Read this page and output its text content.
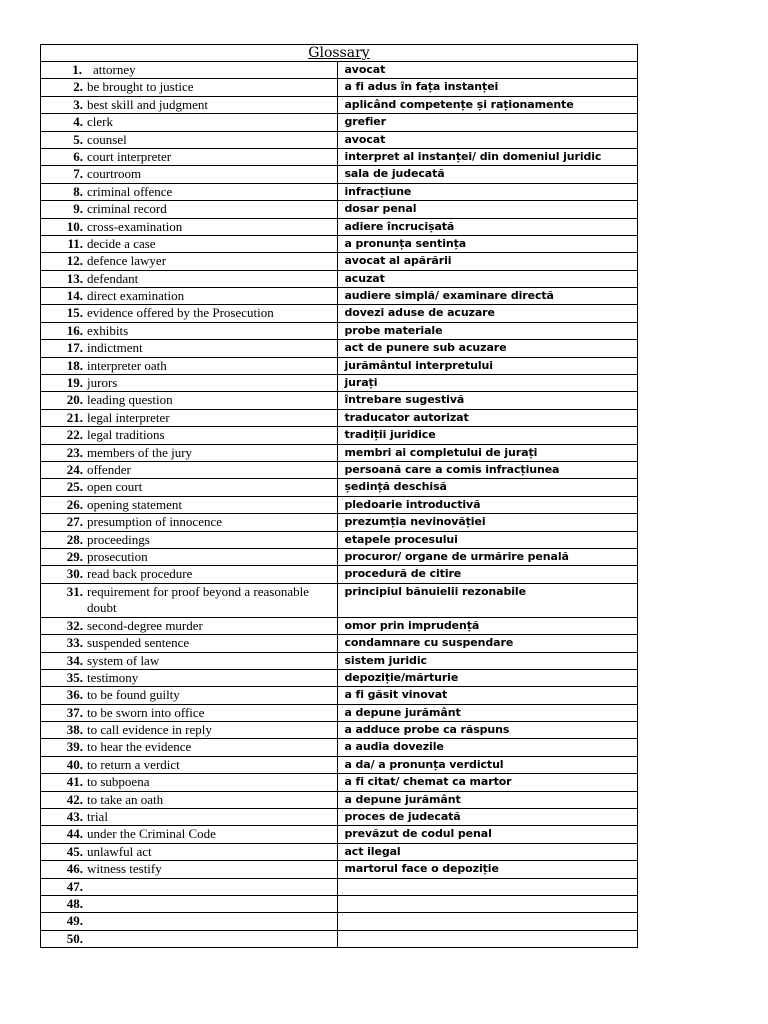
Glossary	

1. attorney	avocat

2. be brought to justice	a fi adus în fața instanței

3. best skill and judgment	aplicând competențe și raționamente

4. clerk	grefier

5. counsel	avocat

6. court interpreter	interpret al instanței/ din domeniul juridic

7. courtroom	sala de judecată

8. criminal offence	infracțiune

9. criminal record	dosar penal

10. cross-examination	adiere încrucișată

11. decide a case	a pronunța sentința

12. defence lawyer	avocat al apărării

13. defendant	acuzat

14. direct examination	audiere simplă/ examinare directă

15. evidence offered by the Prosecution	dovezi aduse de acuzare

16. exhibits	probe materiale

17. indictment	act de punere sub acuzare

18. interpreter oath	jurământul interpretului

19. jurors	jurați

20. leading question	întrebare sugestivă

21. legal interpreter	traducator autorizat

22. legal traditions	tradiții juridice

23. members of the jury	membri ai completului de jurați

24. offender	persoană care a comis infracțiunea

25. open court	ședință deschisă

26. opening statement	pledoarie introductivă

27. presumption of innocence	prezumția nevinovăției

28. proceedings	etapele procesului

29. prosecution	procuror/ organe de urmărire penală

30. read back procedure	procedură de citire

31. requirement for proof beyond a reasonable doubt	principiul bănuielii rezonabile

32. second-degree murder	omor prin imprudență

33. suspended sentence	condamnare cu suspendare

34. system of law	sistem juridic

35. testimony	depoziție/mărturie

36. to be found guilty	a fi găsit vinovat

37. to be sworn into office	a depune jurământ

38. to call evidence in reply	a adduce probe ca răspuns

39. to hear the evidence	a audia dovezile

40. to return a verdict	a da/ a pronunța verdictul

41. to subpoena	a fi citat/ chemat ca martor

42. to take an oath	a depune jurământ

43. trial	proces de judecată

44. under the Criminal Code	prevăzut de codul penal

45. unlawful act	act ilegal

46. witness testify	martorul face o depoziție

47.	

48.	

49.	

50.	
